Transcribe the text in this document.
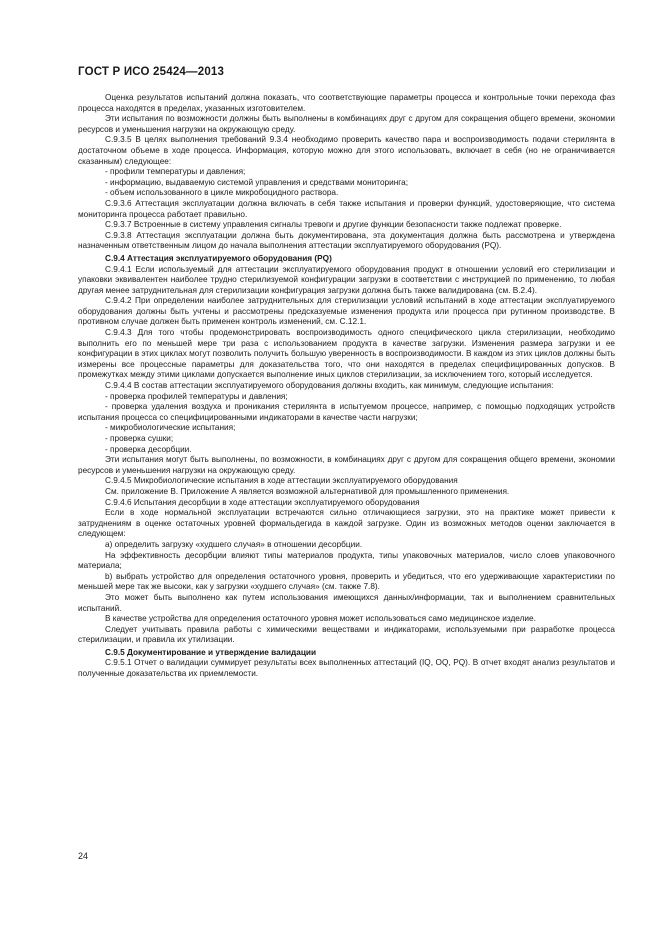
ГОСТ Р ИСО 25424—2013

Оценка результатов испытаний должна показать, что соответствующие параметры процесса и контрольные точки перехода фаз процесса находятся в пределах, указанных изготовителем.

Эти испытания по возможности должны быть выполнены в комбинациях друг с другом для сокращения общего времени, экономии ресурсов и уменьшения нагрузки на окружающую среду.

С.9.3.5 В целях выполнения требований 9.3.4 необходимо проверить качество пара и воспроизводимость подачи стерилянта в достаточном объеме в ходе процесса. Информация, которую можно для этого использовать, включает в себя (но не ограничивается сказанным) следующее:

- профили температуры и давления;

- информацию, выдаваемую системой управления и средствами мониторинга;

- объем использованного в цикле микробоцидного раствора.

С.9.3.6 Аттестация эксплуатации должна включать в себя также испытания и проверки функций, удостоверяющие, что система мониторинга процесса работает правильно.

С.9.3.7 Встроенные в систему управления сигналы тревоги и другие функции безопасности также подлежат проверке.

С.9.3.8 Аттестация эксплуатации должна быть документирована, эта документация должна быть рассмотрена и утверждена назначенным ответственным лицом до начала выполнения аттестации эксплуатируемого оборудования (PQ).

С.9.4 Аттестация эксплуатируемого оборудования (PQ)

С.9.4.1 Если используемый для аттестации эксплуатируемого оборудования продукт в отношении условий его стерилизации и упаковки эквивалентен наиболее трудно стерилизуемой конфигурации загрузки в соответствии с инструкцией по применению, то любая другая менее затруднительная для стерилизации конфигурация загрузки должна быть также валидирована (см. В.2.4).

С.9.4.2 При определении наиболее затруднительных для стерилизации условий испытаний в ходе аттестации эксплуатируемого оборудования должны быть учтены и рассмотрены предсказуемые изменения продукта или процесса при рутинном производстве. В противном случае должен быть применен контроль изменений, см. С.12.1.

С.9.4.3 Для того чтобы продемонстрировать воспроизводимость одного специфического цикла стерилизации, необходимо выполнить его по меньшей мере три раза с использованием продукта в качестве загрузки. Изменения размера загрузки и ее конфигурации в этих циклах могут позволить получить большую уверенность в воспроизводимости. В каждом из этих циклов должны быть измерены все процессные параметры для доказательства того, что они находятся в пределах специфицированных допусков. В промежутках между этими циклами допускается выполнение иных циклов стерилизации, за исключением того, который исследуется.

С.9.4.4 В состав аттестации эксплуатируемого оборудования должны входить, как минимум, следующие испытания:

- проверка профилей температуры и давления;

- проверка удаления воздуха и проникания стерилянта в испытуемом процессе, например, с помощью подходящих устройств испытания процесса со специфицированными индикаторами в качестве части нагрузки;

- микробиологические испытания;

- проверка сушки;

- проверка десорбции.

Эти испытания могут быть выполнены, по возможности, в комбинациях друг с другом для сокращения общего времени, экономии ресурсов и уменьшения нагрузки на окружающую среду.

С.9.4.5 Микробиологические испытания в ходе аттестации эксплуатируемого оборудования

См. приложение В. Приложение А является возможной альтернативой для промышленного применения.

С.9.4.6 Испытания десорбции в ходе аттестации эксплуатируемого оборудования

Если в ходе нормальной эксплуатации встречаются сильно отличающиеся загрузки, это на практике может привести к затруднениям в оценке остаточных уровней формальдегида в каждой загрузке. Один из возможных методов оценки заключается в следующем:

a) определить загрузку «худшего случая» в отношении десорбции.

На эффективность десорбции влияют типы материалов продукта, типы упаковочных материалов, число слоев упаковочного материала;

b) выбрать устройство для определения остаточного уровня, проверить и убедиться, что его удерживающие характеристики по меньшей мере так же высоки, как у загрузки «худшего случая» (см. также 7.8).

Это может быть выполнено как путем использования имеющихся данных/информации, так и выполнением сравнительных испытаний.

В качестве устройства для определения остаточного уровня может использоваться само медицинское изделие.

Следует учитывать правила работы с химическими веществами и индикаторами, используемыми при разработке процесса стерилизации, и правила их утилизации.

С.9.5 Документирование и утверждение валидации

С.9.5.1 Отчет о валидации суммирует результаты всех выполненных аттестаций (IQ, OQ, PQ). В отчет входят анализ результатов и полученные доказательства их приемлемости.

24
